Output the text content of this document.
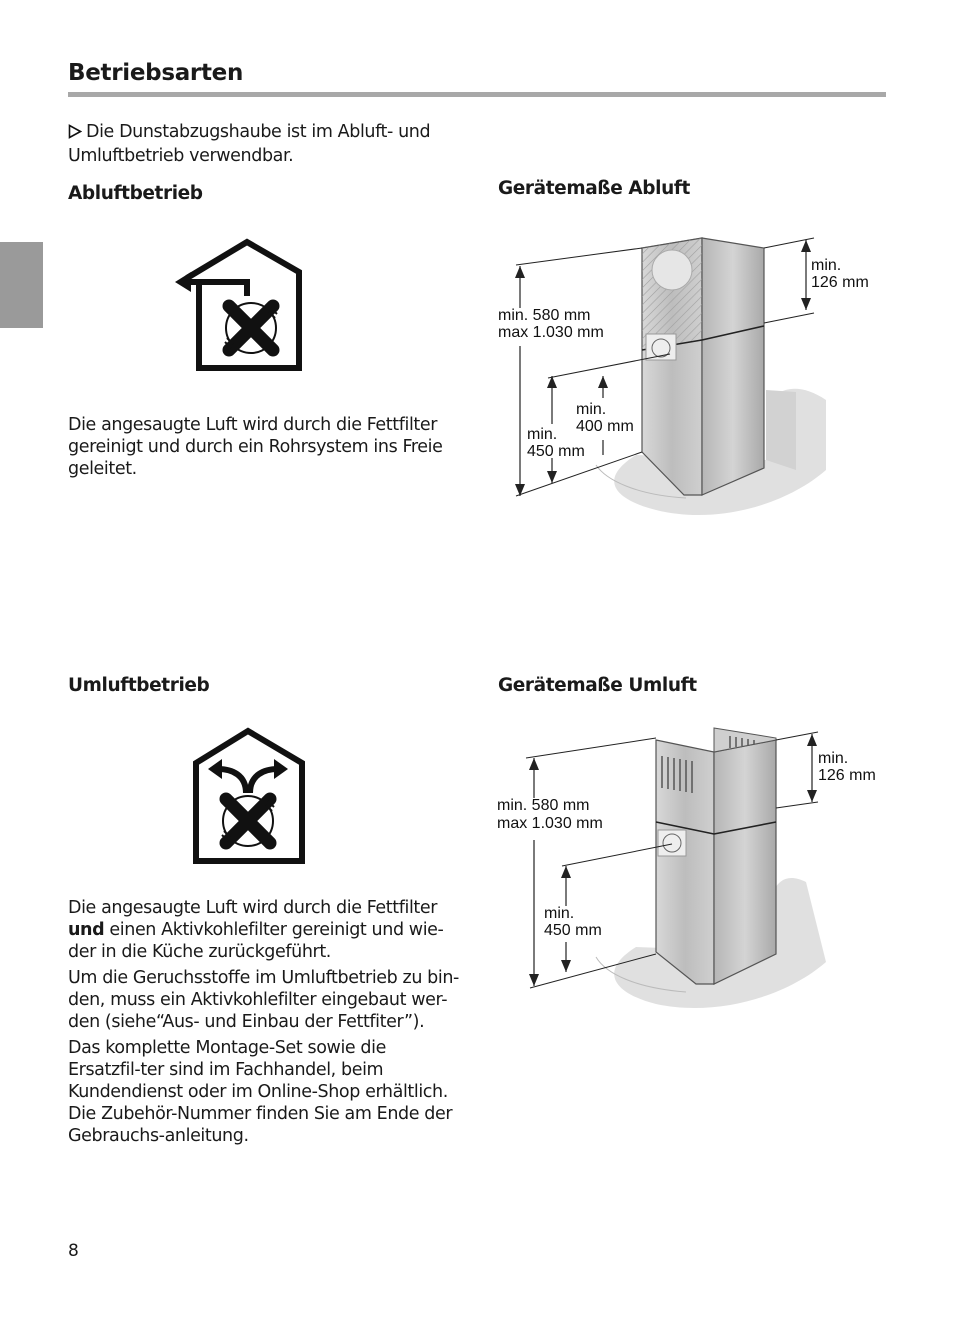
Betriebsarten
Die Dunstabzugshaube ist im Abluft- und Umluftbetrieb verwendbar.
Abluftbetrieb
Die angesaugte Luft wird durch die Fettfilter gereinigt und durch ein Rohrsystem ins Freie geleitet.
Gerätemaße Abluft
min.
126 mm
min. 580 mm
max 1.030 mm
min.
400 mm
min.
450 mm
Umluftbetrieb

Die angesaugte Luft wird durch die Fettfilter und einen Aktivkohlefilter gereinigt und wie-der in die Küche zurückgeführt.

Um die Geruchsstoffe im Umluftbetrieb zu bin-den, muss ein Aktivkohlefilter eingebaut wer-den (siehe“Aus- und Einbau der Fettfiter”).

Das komplette Montage-Set sowie die Ersatzfil-ter sind im Fachhandel, beim Kundendienst oder im Online-Shop erhältlich. Die Zubehör-Nummer finden Sie am Ende der Gebrauchs-anleitung.

Gerätemaße Umluft
min.
126 mm
min. 580 mm
max 1.030 mm
min.
450 mm
8
